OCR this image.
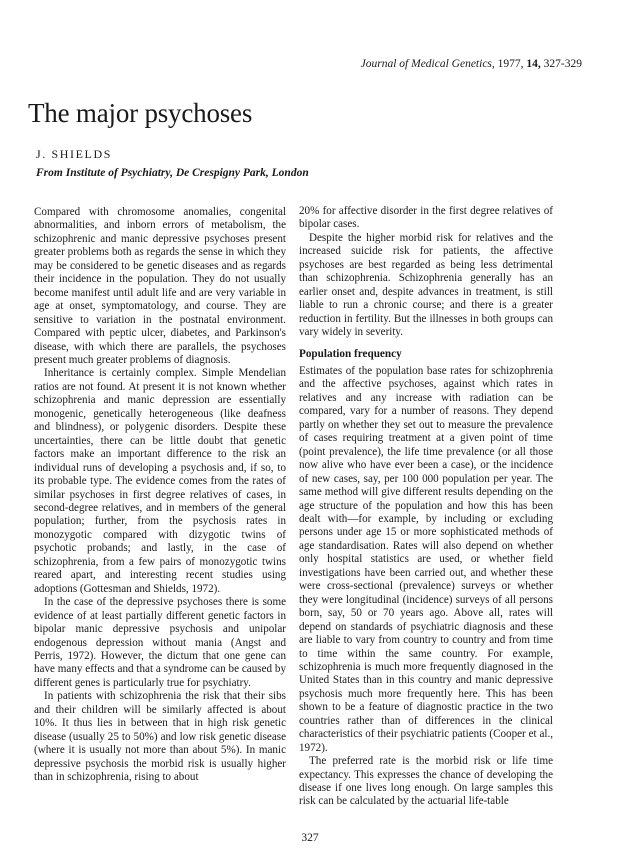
Journal of Medical Genetics, 1977, 14, 327-329
The major psychoses
J. SHIELDS
From Institute of Psychiatry, De Crespigny Park, London

Compared with chromosome anomalies, congenital abnormalities, and inborn errors of metabolism, the schizophrenic and manic depressive psychoses present greater problems both as regards the sense in which they may be considered to be genetic diseases and as regards their incidence in the population. They do not usually become manifest until adult life and are very variable in age at onset, symptomatology, and course. They are sensitive to variation in the postnatal environment. Compared with peptic ulcer, diabetes, and Parkinson's disease, with which there are parallels, the psychoses present much greater problems of diagnosis.

Inheritance is certainly complex. Simple Mendelian ratios are not found. At present it is not known whether schizophrenia and manic depression are essentially monogenic, genetically heterogeneous (like deafness and blindness), or polygenic disorders. Despite these uncertainties, there can be little doubt that genetic factors make an important difference to the risk an individual runs of developing a psychosis and, if so, to its probable type. The evidence comes from the rates of similar psychoses in first degree relatives of cases, in second-degree relatives, and in members of the general population; further, from the psychosis rates in monozygotic compared with dizygotic twins of psychotic probands; and lastly, in the case of schizophrenia, from a few pairs of monozygotic twins reared apart, and interesting recent studies using adoptions (Gottesman and Shields, 1972).

In the case of the depressive psychoses there is some evidence of at least partially different genetic factors in bipolar manic depressive psychosis and unipolar endogenous depression without mania (Angst and Perris, 1972). However, the dictum that one gene can have many effects and that a syndrome can be caused by different genes is particularly true for psychiatry.

In patients with schizophrenia the risk that their sibs and their children will be similarly affected is about 10%. It thus lies in between that in high risk genetic disease (usually 25 to 50%) and low risk genetic disease (where it is usually not more than about 5%). In manic depressive psychosis the morbid risk is usually higher than in schizophrenia, rising to about

20% for affective disorder in the first degree relatives of bipolar cases.

Despite the higher morbid risk for relatives and the increased suicide risk for patients, the affective psychoses are best regarded as being less detrimental than schizophrenia. Schizophrenia generally has an earlier onset and, despite advances in treatment, is still liable to run a chronic course; and there is a greater reduction in fertility. But the illnesses in both groups can vary widely in severity.

Population frequency

Estimates of the population base rates for schizophrenia and the affective psychoses, against which rates in relatives and any increase with radiation can be compared, vary for a number of reasons. They depend partly on whether they set out to measure the prevalence of cases requiring treatment at a given point of time (point prevalence), the life time prevalence (or all those now alive who have ever been a case), or the incidence of new cases, say, per 100 000 population per year. The same method will give different results depending on the age structure of the population and how this has been dealt with—for example, by including or excluding persons under age 15 or more sophisticated methods of age standardisation. Rates will also depend on whether only hospital statistics are used, or whether field investigations have been carried out, and whether these were cross-sectional (prevalence) surveys or whether they were longitudinal (incidence) surveys of all persons born, say, 50 or 70 years ago. Above all, rates will depend on standards of psychiatric diagnosis and these are liable to vary from country to country and from time to time within the same country. For example, schizophrenia is much more frequently diagnosed in the United States than in this country and manic depressive psychosis much more frequently here. This has been shown to be a feature of diagnostic practice in the two countries rather than of differences in the clinical characteristics of their psychiatric patients (Cooper et al., 1972).

The preferred rate is the morbid risk or life time expectancy. This expresses the chance of developing the disease if one lives long enough. On large samples this risk can be calculated by the actuarial life-table

327
